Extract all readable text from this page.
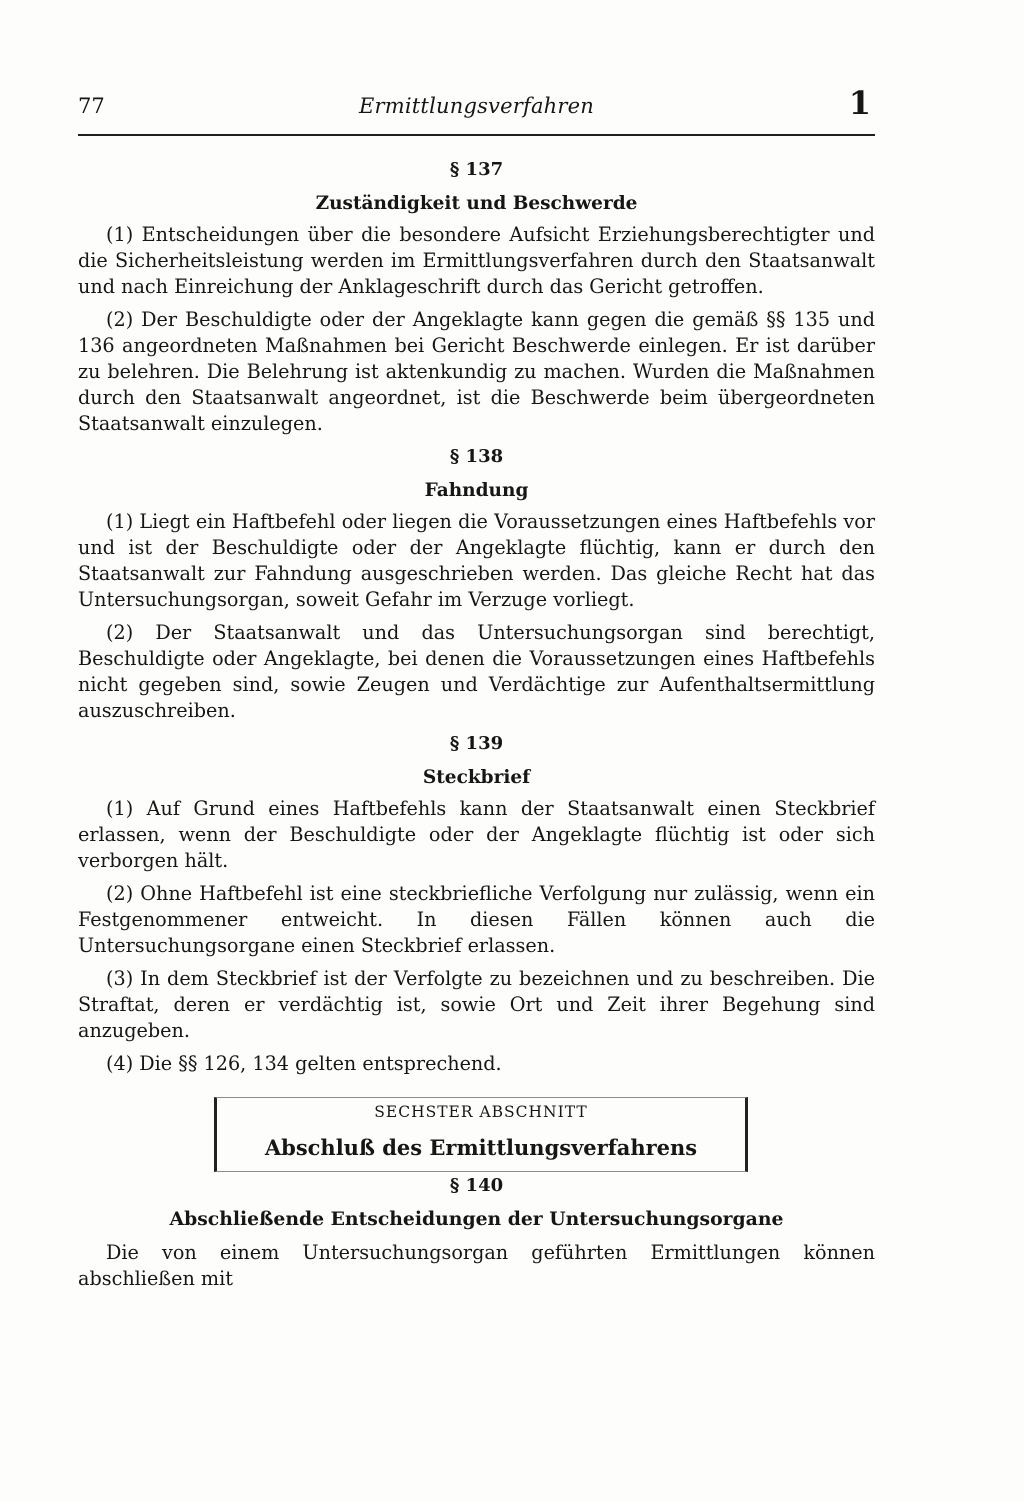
77	Ermittlungsverfahren	1
§ 137
Zuständigkeit und Beschwerde

(1) Entscheidungen über die besondere Aufsicht Erziehungsberechtigter und die Sicherheitsleistung werden im Ermittlungsverfahren durch den Staatsanwalt und nach Einreichung der Anklageschrift durch das Gericht getroffen.

(2) Der Beschuldigte oder der Angeklagte kann gegen die gemäß §§ 135 und 136 angeordneten Maßnahmen bei Gericht Beschwerde einlegen. Er ist darüber zu belehren. Die Belehrung ist aktenkundig zu machen. Wurden die Maßnahmen durch den Staatsanwalt angeordnet, ist die Beschwerde beim übergeordneten Staatsanwalt einzulegen.

§ 138
Fahndung

(1) Liegt ein Haftbefehl oder liegen die Voraussetzungen eines Haftbefehls vor und ist der Beschuldigte oder der Angeklagte flüchtig, kann er durch den Staatsanwalt zur Fahndung ausgeschrieben werden. Das gleiche Recht hat das Untersuchungsorgan, soweit Gefahr im Verzuge vorliegt.

(2) Der Staatsanwalt und das Untersuchungsorgan sind berechtigt, Beschuldigte oder Angeklagte, bei denen die Voraussetzungen eines Haftbefehls nicht gegeben sind, sowie Zeugen und Verdächtige zur Aufenthaltsermittlung auszuschreiben.

§ 139
Steckbrief

(1) Auf Grund eines Haftbefehls kann der Staatsanwalt einen Steckbrief erlassen, wenn der Beschuldigte oder der Angeklagte flüchtig ist oder sich verborgen hält.

(2) Ohne Haftbefehl ist eine steckbriefliche Verfolgung nur zulässig, wenn ein Festgenommener entweicht. In diesen Fällen können auch die Untersuchungsorgane einen Steckbrief erlassen.

(3) In dem Steckbrief ist der Verfolgte zu bezeichnen und zu beschreiben. Die Straftat, deren er verdächtig ist, sowie Ort und Zeit ihrer Begehung sind anzugeben.

(4) Die §§ 126, 134 gelten entsprechend.

SECHSTER ABSCHNITT
Abschluß des Ermittlungsverfahrens
§ 140
Abschließende Entscheidungen der Untersuchungsorgane

Die von einem Untersuchungsorgan geführten Ermittlungen können abschließen mit
